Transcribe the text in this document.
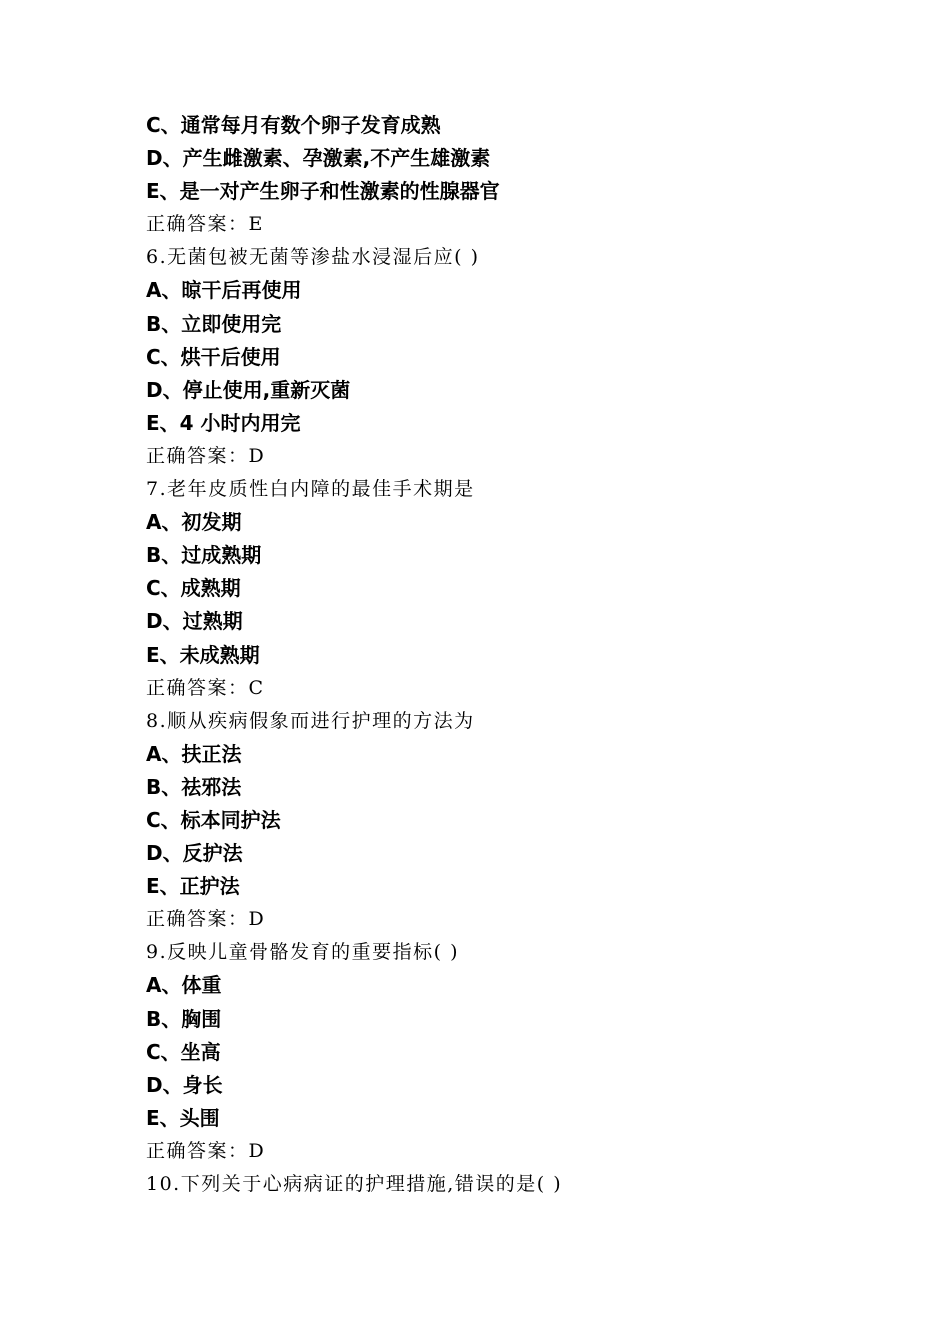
C、通常每月有数个卵子发育成熟
D、产生雌激素、孕激素,不产生雄激素
E、是一对产生卵子和性激素的性腺器官
正确答案：E
6.无菌包被无菌等渗盐水浸湿后应( )
A、晾干后再使用
B、立即使用完
C、烘干后使用
D、停止使用,重新灭菌
E、4 小时内用完
正确答案：D
7.老年皮质性白内障的最佳手术期是
A、初发期
B、过成熟期
C、成熟期
D、过熟期
E、未成熟期
正确答案：C
8.顺从疾病假象而进行护理的方法为
A、扶正法
B、祛邪法
C、标本同护法
D、反护法
E、正护法
正确答案：D
9.反映儿童骨骼发育的重要指标( )
A、体重
B、胸围
C、坐高
D、身长
E、头围
正确答案：D
10.下列关于心病病证的护理措施,错误的是( )
